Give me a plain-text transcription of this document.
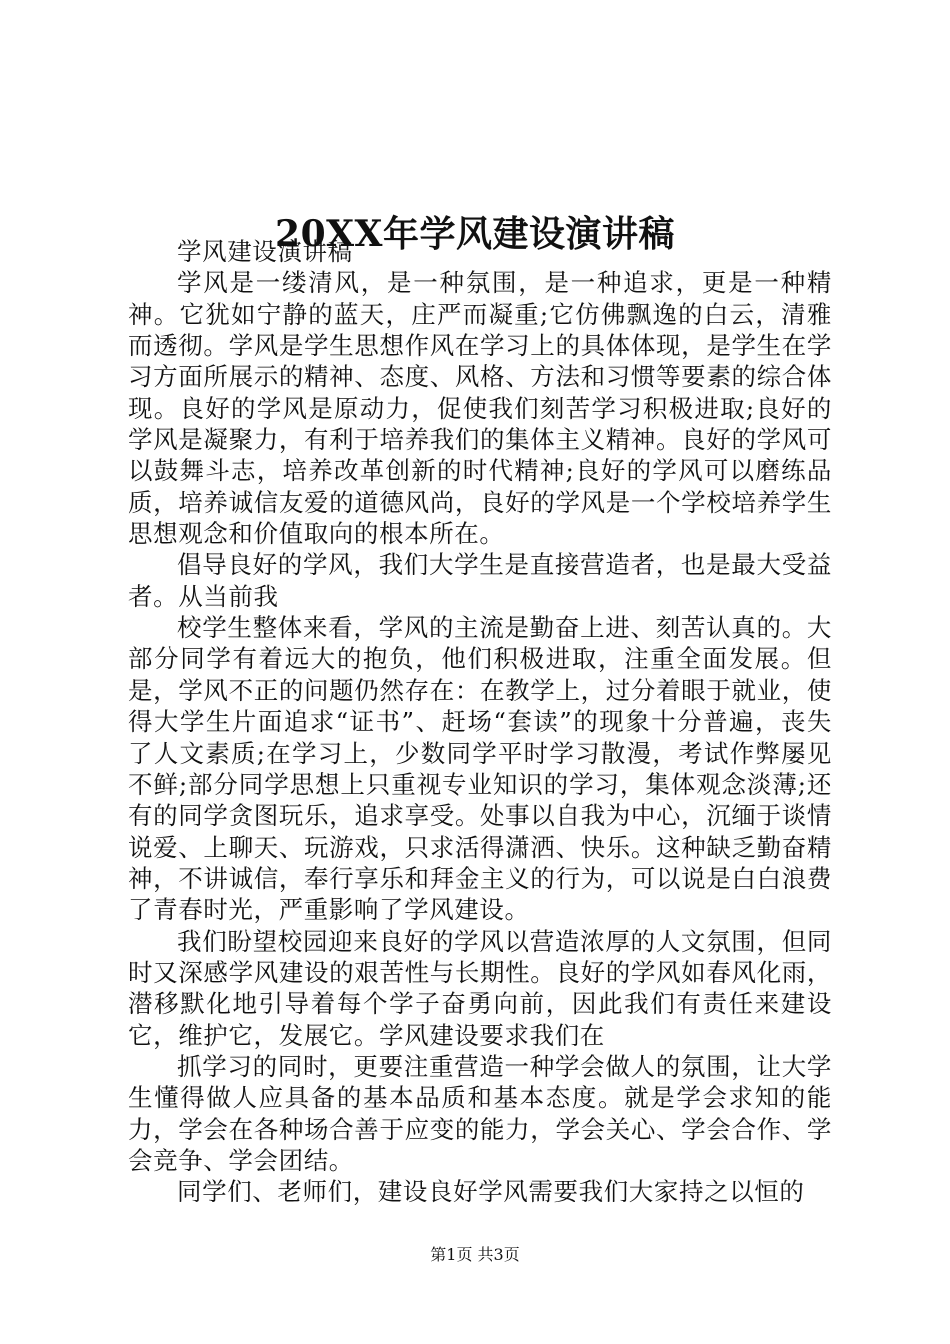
20XX年学风建设演讲稿

学风建设演讲稿

学风是一缕清风，是一种氛围，是一种追求，更是一种精神。它犹如宁静的蓝天，庄严而凝重;它仿佛飘逸的白云，清雅而透彻。学风是学生思想作风在学习上的具体体现，是学生在学习方面所展示的精神、态度、风格、方法和习惯等要素的综合体现。良好的学风是原动力，促使我们刻苦学习积极进取;良好的学风是凝聚力，有利于培养我们的集体主义精神。良好的学风可以鼓舞斗志，培养改革创新的时代精神;良好的学风可以磨练品质，培养诚信友爱的道德风尚，良好的学风是一个学校培养学生思想观念和价值取向的根本所在。

倡导良好的学风，我们大学生是直接营造者，也是最大受益者。从当前我

校学生整体来看，学风的主流是勤奋上进、刻苦认真的。大部分同学有着远大的抱负，他们积极进取，注重全面发展。但是，学风不正的问题仍然存在：在教学上，过分着眼于就业，使得大学生片面追求“证书”、赶场“套读”的现象十分普遍，丧失了人文素质;在学习上，少数同学平时学习散漫，考试作弊屡见不鲜;部分同学思想上只重视专业知识的学习，集体观念淡薄;还有的同学贪图玩乐，追求享受。处事以自我为中心，沉缅于谈情说爱、上聊天、玩游戏，只求活得潇洒、快乐。这种缺乏勤奋精神，不讲诚信，奉行享乐和拜金主义的行为，可以说是白白浪费了青春时光，严重影响了学风建设。

我们盼望校园迎来良好的学风以营造浓厚的人文氛围，但同时又深感学风建设的艰苦性与长期性。良好的学风如春风化雨，潜移默化地引导着每个学子奋勇向前，因此我们有责任来建设它，维护它，发展它。学风建设要求我们在

抓学习的同时，更要注重营造一种学会做人的氛围，让大学生懂得做人应具备的基本品质和基本态度。就是学会求知的能力，学会在各种场合善于应变的能力，学会关心、学会合作、学会竞争、学会团结。

同学们、老师们，建设良好学风需要我们大家持之以恒的

第1页 共3页
